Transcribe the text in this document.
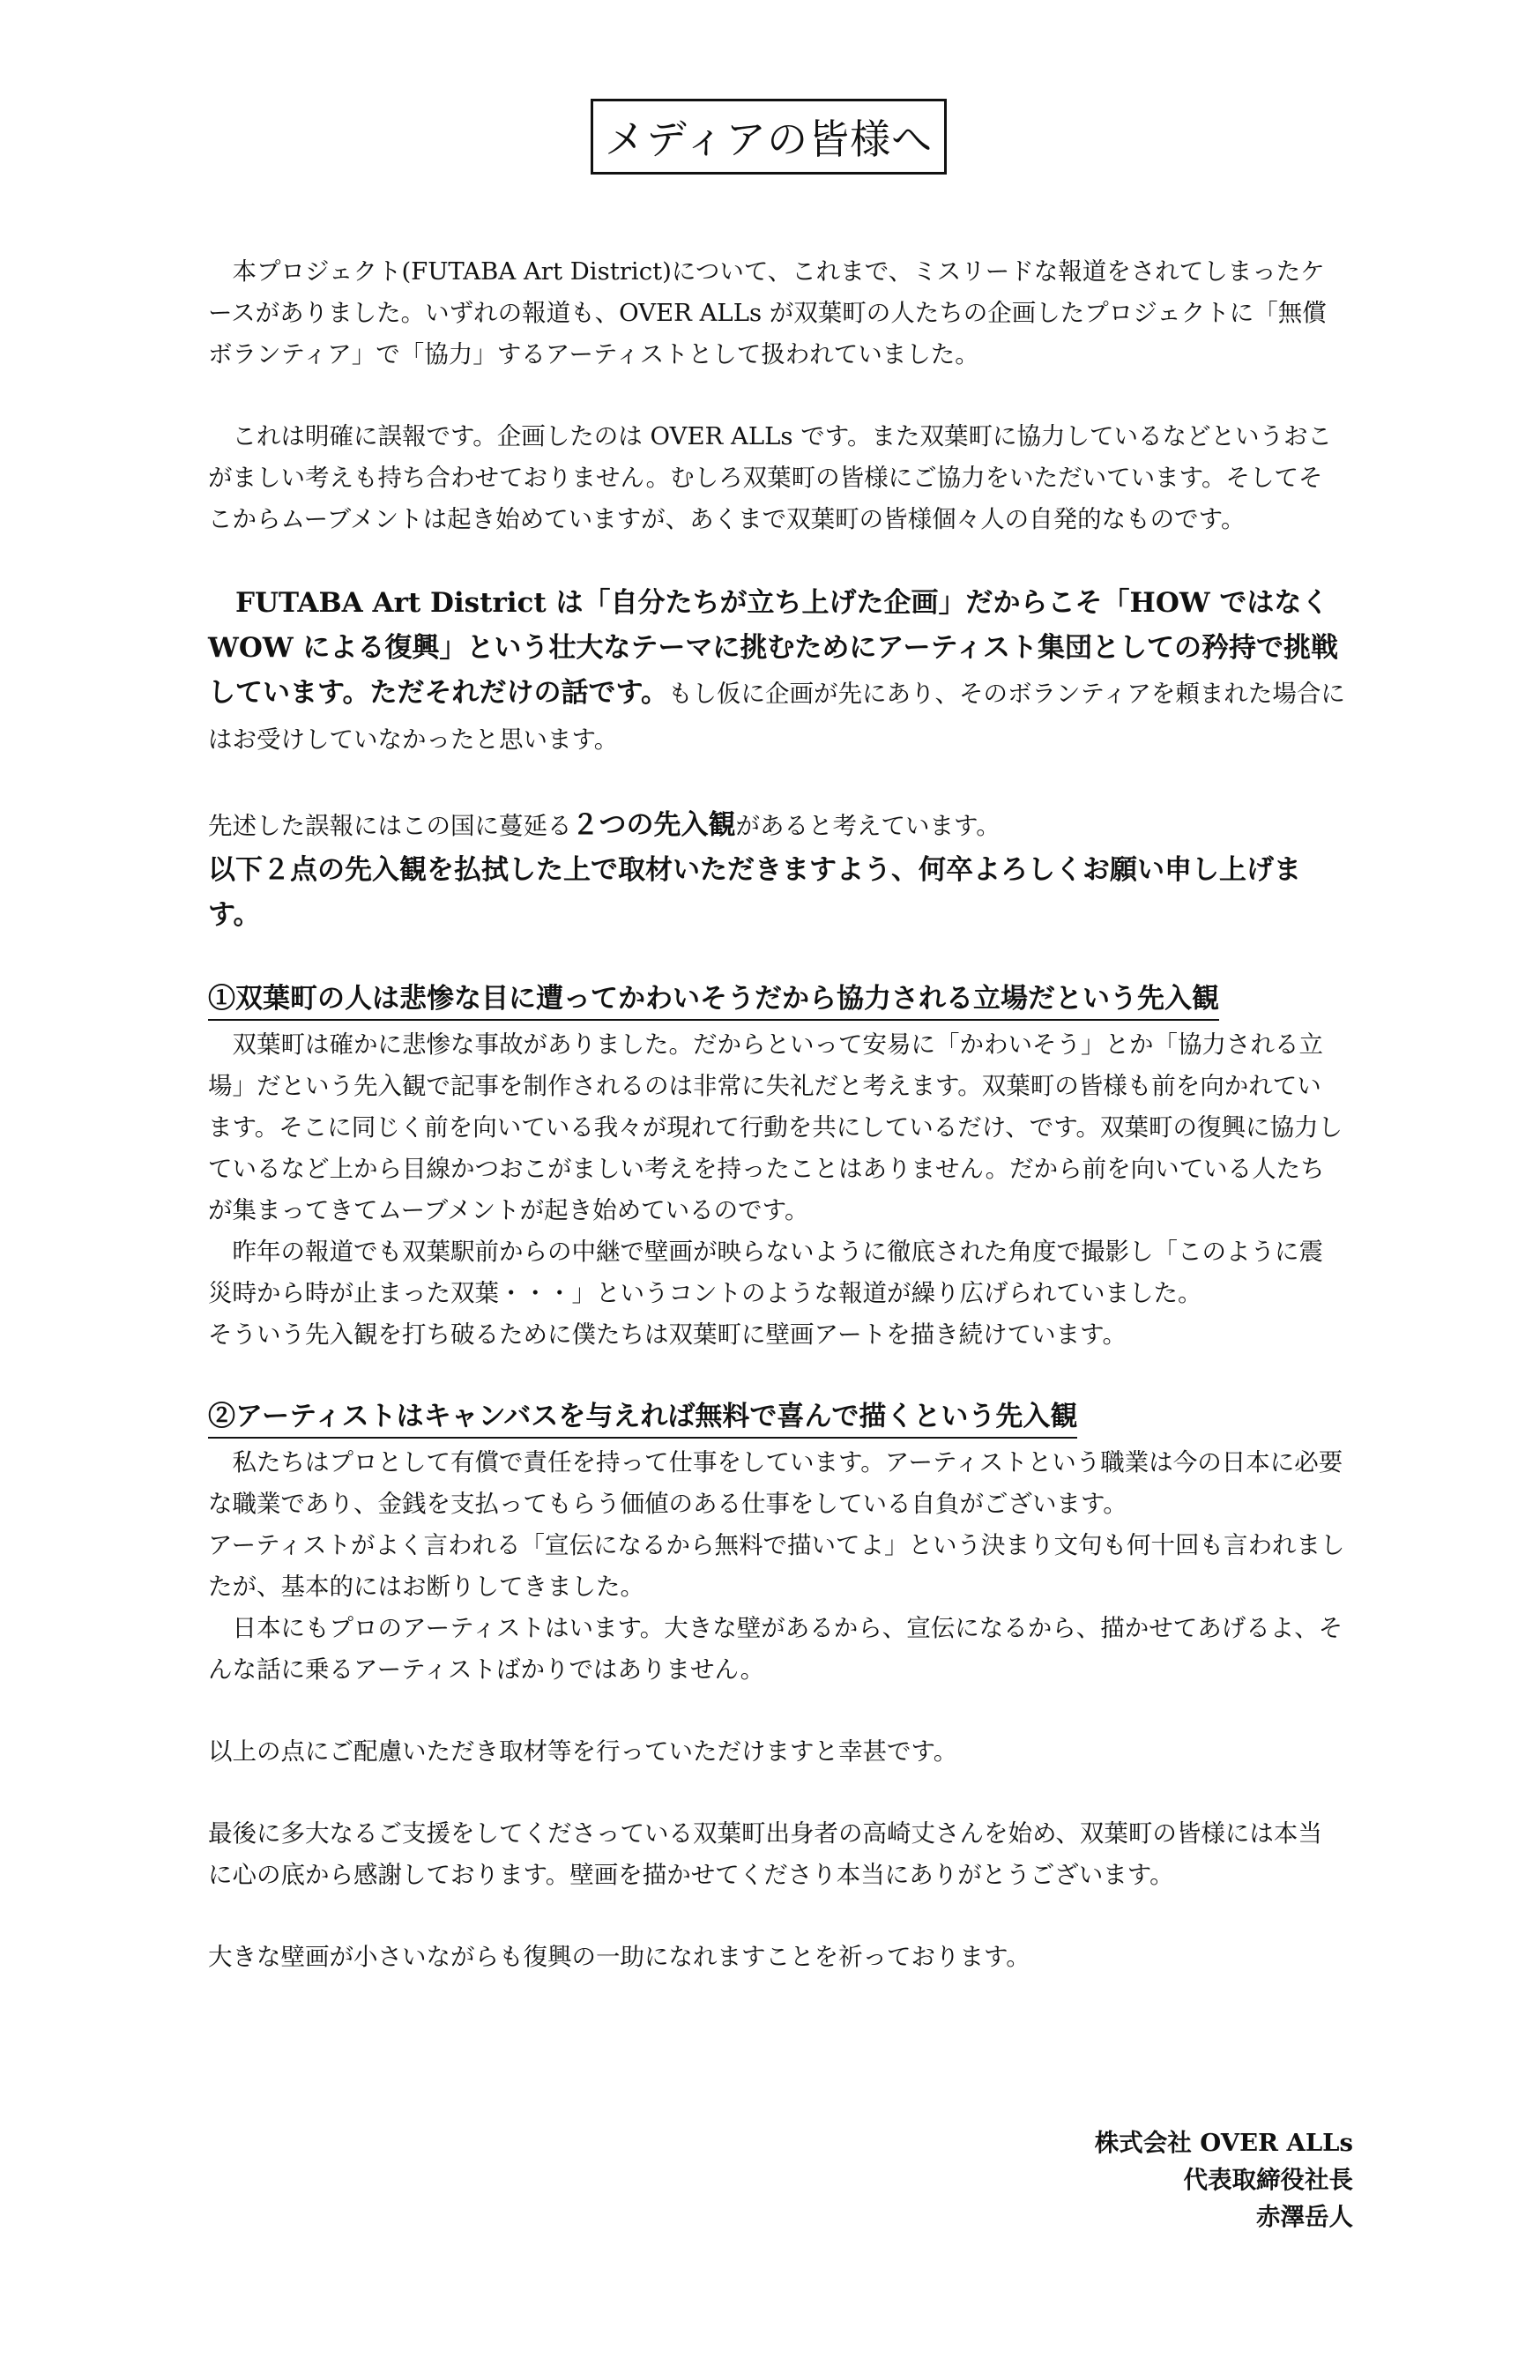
メディアの皆様へ

本プロジェクト(FUTABA Art District)について、これまで、ミスリードな報道をされてしまったケースがありました。いずれの報道も、OVER ALLs が双葉町の人たちの企画したプロジェクトに「無償ボランティア」で「協力」するアーティストとして扱われていました。

これは明確に誤報です。企画したのは OVER ALLs です。また双葉町に協力しているなどというおこがましい考えも持ち合わせておりません。むしろ双葉町の皆様にご協力をいただいています。そしてそこからムーブメントは起き始めていますが、あくまで双葉町の皆様個々人の自発的なものです。

FUTABA Art District は「自分たちが立ち上げた企画」だからこそ「HOW ではなく WOW による復興」という壮大なテーマに挑むためにアーティスト集団としての矜持で挑戦しています。ただそれだけの話です。もし仮に企画が先にあり、そのボランティアを頼まれた場合にはお受けしていなかったと思います。

先述した誤報にはこの国に蔓延る２つの先入観があると考えています。

以下２点の先入観を払拭した上で取材いただきますよう、何卒よろしくお願い申し上げます。

①双葉町の人は悲惨な目に遭ってかわいそうだから協力される立場だという先入観

双葉町は確かに悲惨な事故がありました。だからといって安易に「かわいそう」とか「協力される立場」だという先入観で記事を制作されるのは非常に失礼だと考えます。双葉町の皆様も前を向かれています。そこに同じく前を向いている我々が現れて行動を共にしているだけ、です。双葉町の復興に協力しているなど上から目線かつおこがましい考えを持ったことはありません。だから前を向いている人たちが集まってきてムーブメントが起き始めているのです。

昨年の報道でも双葉駅前からの中継で壁画が映らないように徹底された角度で撮影し「このように震災時から時が止まった双葉・・・」というコントのような報道が繰り広げられていました。

そういう先入観を打ち破るために僕たちは双葉町に壁画アートを描き続けています。

②アーティストはキャンバスを与えれば無料で喜んで描くという先入観

私たちはプロとして有償で責任を持って仕事をしています。アーティストという職業は今の日本に必要な職業であり、金銭を支払ってもらう価値のある仕事をしている自負がございます。

アーティストがよく言われる「宣伝になるから無料で描いてよ」という決まり文句も何十回も言われましたが、基本的にはお断りしてきました。

日本にもプロのアーティストはいます。大きな壁があるから、宣伝になるから、描かせてあげるよ、そんな話に乗るアーティストばかりではありません。

以上の点にご配慮いただき取材等を行っていただけますと幸甚です。

最後に多大なるご支援をしてくださっている双葉町出身者の高崎丈さんを始め、双葉町の皆様には本当に心の底から感謝しております。壁画を描かせてくださり本当にありがとうございます。

大きな壁画が小さいながらも復興の一助になれますことを祈っております。

株式会社 OVER ALLs
代表取締役社長
赤澤岳人
